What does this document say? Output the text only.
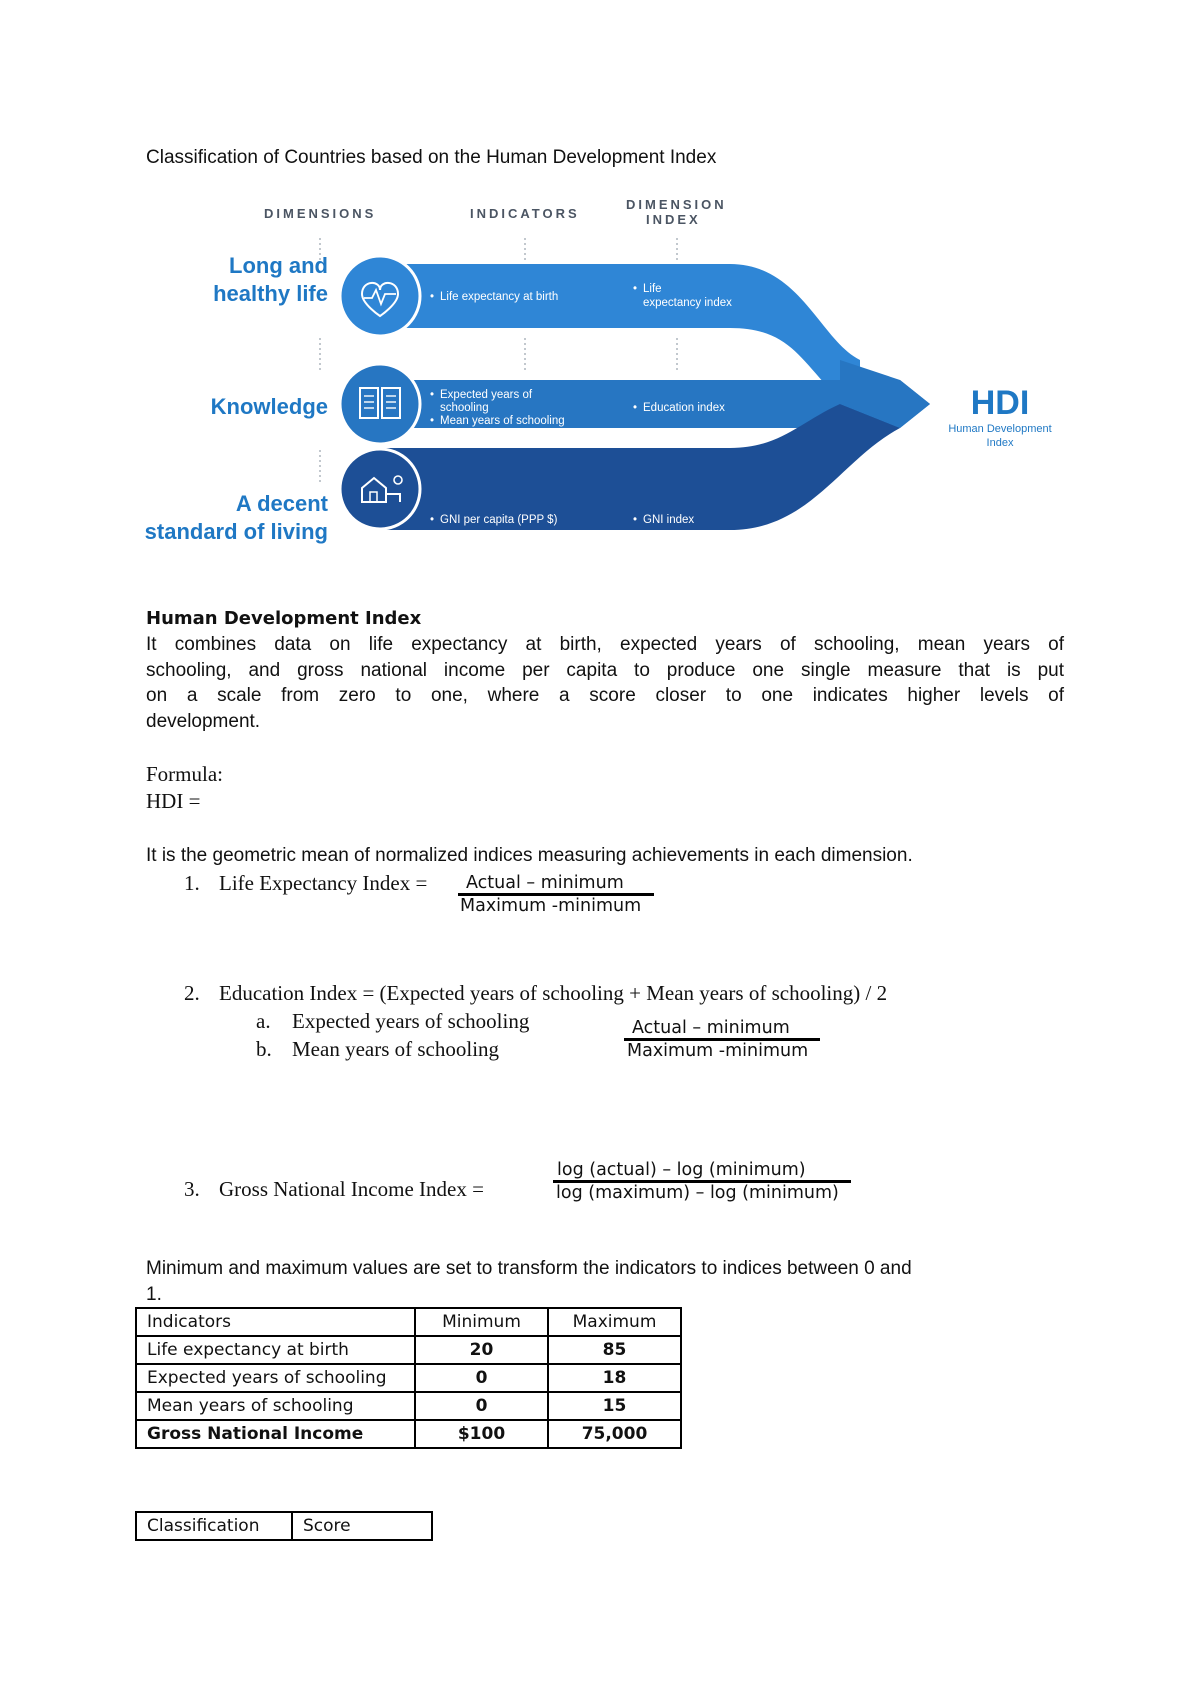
Classification of Countries based on the Human Development Index
DIMENSIONS	INDICATORS
DIMENSION
INDEX
Long and
healthy life
Knowledge
A decent
standard of living
• Life expectancy at birth
• Expected years of
schooling
• Mean years of schooling
• GNI per capita (PPP $)
• Life
expectancy index
• Education index
• GNI index
HDI
Human Development
Index
Human Development Index
It combines data on life expectancy at birth, expected years of schooling, mean years of
schooling, and gross national income per capita to produce one single measure that is put
on a scale from zero to one, where a score closer to one indicates higher levels of
development.
Formula:
HDI =
It is the geometric mean of normalized indices measuring achievements in each dimension.
1. Life Expectancy Index =	Actual – minimum
Maximum -minimum
2. Education Index = (Expected years of schooling + Mean years of schooling) / 2
a. Expected years of schooling
b. Mean years of schooling
Actual – minimum
Maximum -minimum
3. Gross National Income Index =
log (actual) – log (minimum)
log (maximum) – log (minimum)
Minimum and maximum values are set to transform the indicators to indices between 0 and
1.
Indicators	Minimum	Maximum
Life expectancy at birth	20	85
Expected years of schooling	0	18
Mean years of schooling	0	15
Gross National Income	$100	75,000
Classification	Score
